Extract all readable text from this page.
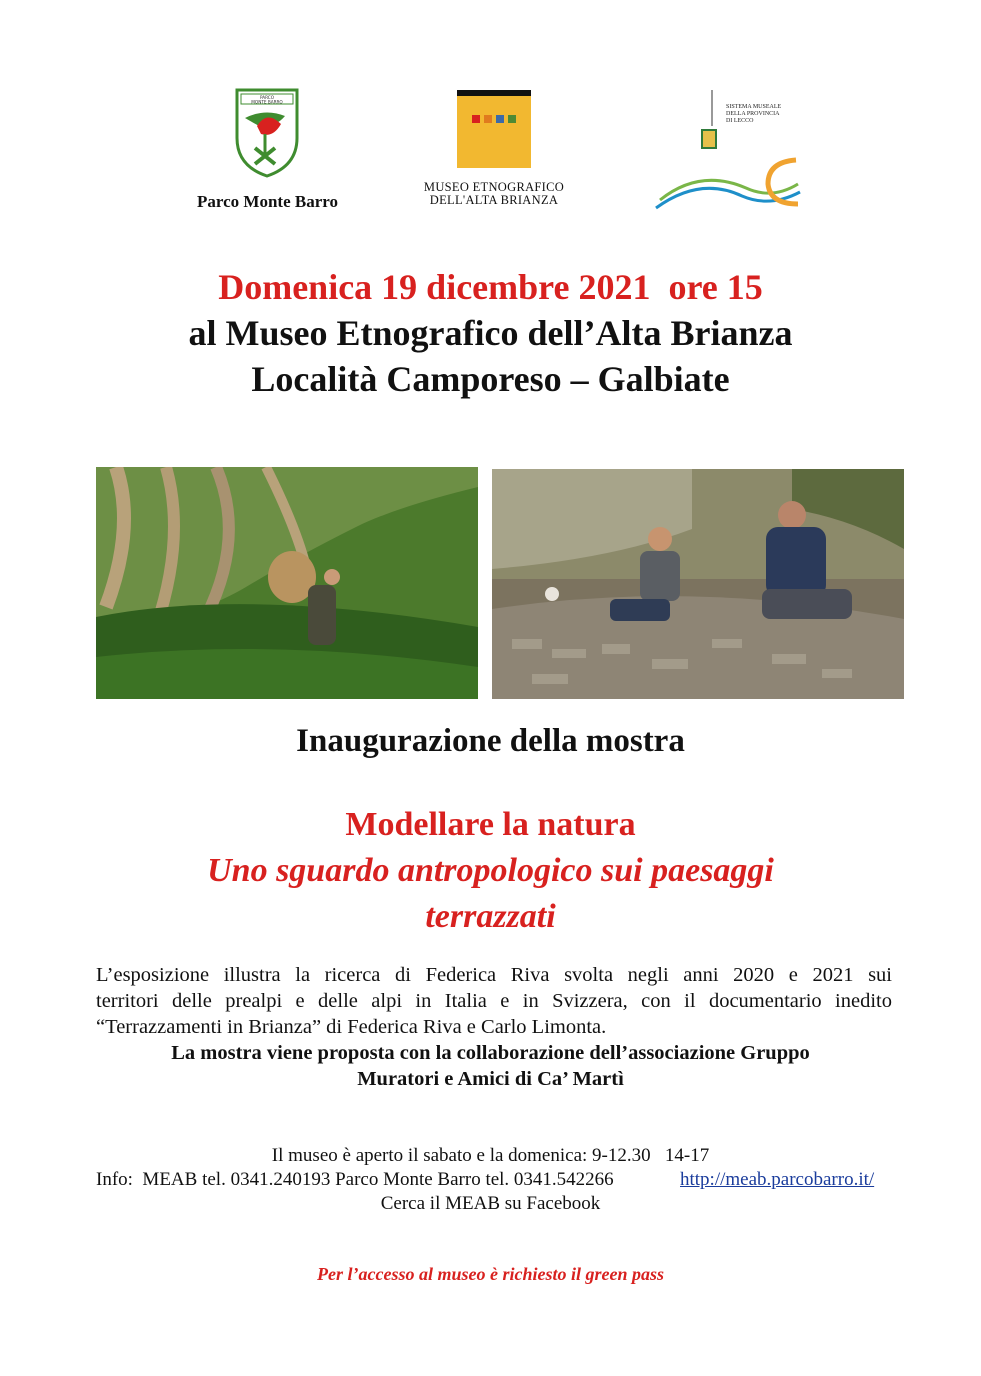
PARCO
MONTE BARRO
Parco Monte Barro
MUSEO ETNOGRAFICO
DELL'ALTA BRIANZA
SISTEMA MUSEALE DELLA PROVINCIA DI LECCO
Domenica 19 dicembre 2021  ore 15
al Museo Etnografico dell’Alta Brianza
Località Camporeso – Galbiate
Inaugurazione della mostra
Modellare la natura
Uno sguardo antropologico sui paesaggi
terrazzati
L’esposizione illustra la ricerca di Federica Riva svolta negli anni 2020 e 2021 sui
territori delle prealpi e delle alpi in Italia e in Svizzera, con il documentario inedito
“Terrazzamenti in Brianza” di Federica Riva e Carlo Limonta.
La mostra viene proposta con la collaborazione dell’associazione Gruppo
Muratori e Amici di Ca’ Martì
Il museo è aperto il sabato e la domenica: 9-12.30   14-17
Info:  MEAB tel. 0341.240193 Parco Monte Barro tel. 0341.542266	http://meab.parcobarro.it/
Cerca il MEAB su Facebook
Per l’accesso al museo è richiesto il green pass
